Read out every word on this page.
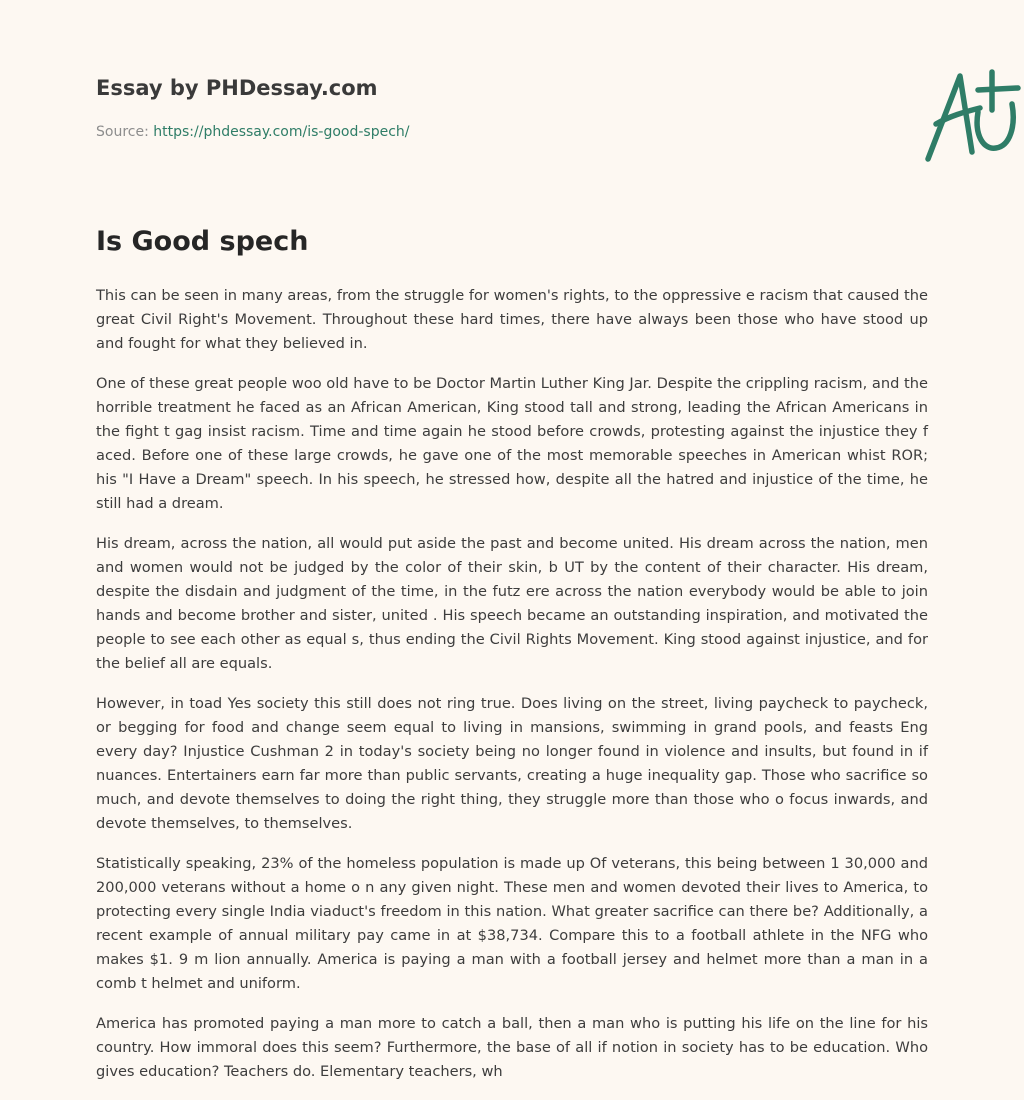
Essay by PHDessay.com
Source: https://phdessay.com/is-good-spech/
Is Good spech

This can be seen in many areas, from the struggle for women's rights, to the oppressive e racism that caused the great Civil Right's Movement. Throughout these hard times, there have always been those who have stood up and fought for what they believed in.

One of these great people woo old have to be Doctor Martin Luther King Jar. Despite the crippling racism, and the horrible treatment he faced as an African American, King stood tall and strong, leading the African Americans in the fight t gag insist racism. Time and time again he stood before crowds, protesting against the injustice they f aced. Before one of these large crowds, he gave one of the most memorable speeches in American whist ROR; his "I Have a Dream" speech. In his speech, he stressed how, despite all the hatred and injustice of the time, he still had a dream.

His dream, across the nation, all would put aside the past and become united. His dream across the nation, men and women would not be judged by the color of their skin, b UT by the content of their character. His dream, despite the disdain and judgment of the time, in the futz ere across the nation everybody would be able to join hands and become brother and sister, united . His speech became an outstanding inspiration, and motivated the people to see each other as equal s, thus ending the Civil Rights Movement. King stood against injustice, and for the belief all are equals.

However, in toad Yes society this still does not ring true. Does living on the street, living paycheck to paycheck, or begging for food and change seem equal to living in mansions, swimming in grand pools, and feasts Eng every day? Injustice Cushman 2 in today's society being no longer found in violence and insults, but found in if nuances. Entertainers earn far more than public servants, creating a huge inequality gap. Those who sacrifice so much, and devote themselves to doing the right thing, they struggle more than those who o focus inwards, and devote themselves, to themselves.

Statistically speaking, 23% of the homeless population is made up Of veterans, this being between 1 30,000 and 200,000 veterans without a home o n any given night. These men and women devoted their lives to America, to protecting every single India viaduct's freedom in this nation. What greater sacrifice can there be? Additionally, a recent example of annual military pay came in at $38,734. Compare this to a football athlete in the NFG who makes $1. 9 m lion annually. America is paying a man with a football jersey and helmet more than a man in a comb t helmet and uniform.

America has promoted paying a man more to catch a ball, then a man who is putting his life on the line for his country. How immoral does this seem? Furthermore, the base of all if notion in society has to be education. Who gives education? Teachers do. Elementary teachers, wh
